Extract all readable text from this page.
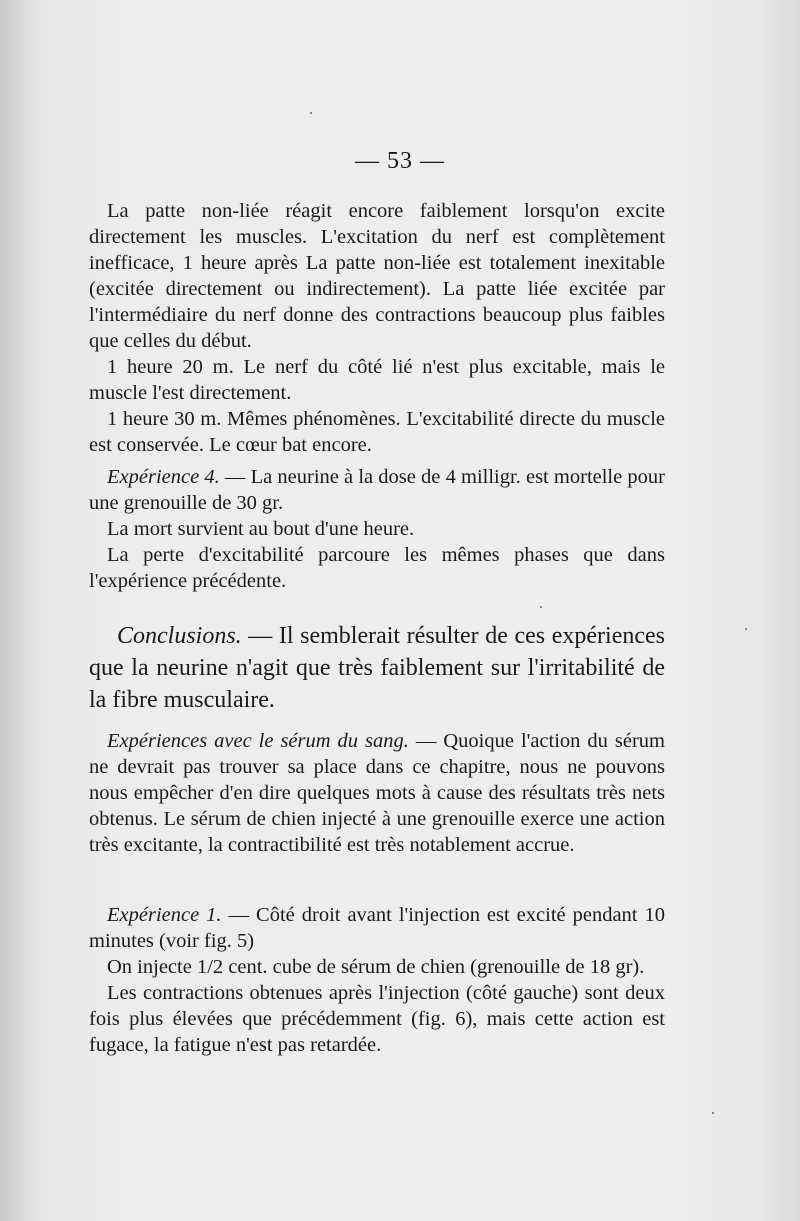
— 53 —

La patte non-liée réagit encore faiblement lorsqu'on excite directement les muscles. L'excitation du nerf est complètement inefficace, 1 heure après La patte non-liée est totalement inexitable (excitée directement ou indirectement). La patte liée excitée par l'intermédiaire du nerf donne des contractions beaucoup plus faibles que celles du début.

1 heure 20 m. Le nerf du côté lié n'est plus excitable, mais le muscle l'est directement.

1 heure 30 m. Mêmes phénomènes. L'excitabilité directe du muscle est conservée. Le cœur bat encore.

Expérience 4. — La neurine à la dose de 4 milligr. est mortelle pour une grenouille de 30 gr.

La mort survient au bout d'une heure.

La perte d'excitabilité parcoure les mêmes phases que dans l'expérience précédente.

Conclusions. — Il semblerait résulter de ces expériences que la neurine n'agit que très faiblement sur l'irritabilité de la fibre musculaire.

Expériences avec le sérum du sang. — Quoique l'action du sérum ne devrait pas trouver sa place dans ce chapitre, nous ne pouvons nous empêcher d'en dire quelques mots à cause des résultats très nets obtenus. Le sérum de chien injecté à une grenouille exerce une action très excitante, la contractibilité est très notablement accrue.

Expérience 1. — Côté droit avant l'injection est excité pendant 10 minutes (voir fig. 5)

On injecte 1/2 cent. cube de sérum de chien (grenouille de 18 gr).

Les contractions obtenues après l'injection (côté gauche) sont deux fois plus élevées que précédemment (fig. 6), mais cette action est fugace, la fatigue n'est pas retardée.
